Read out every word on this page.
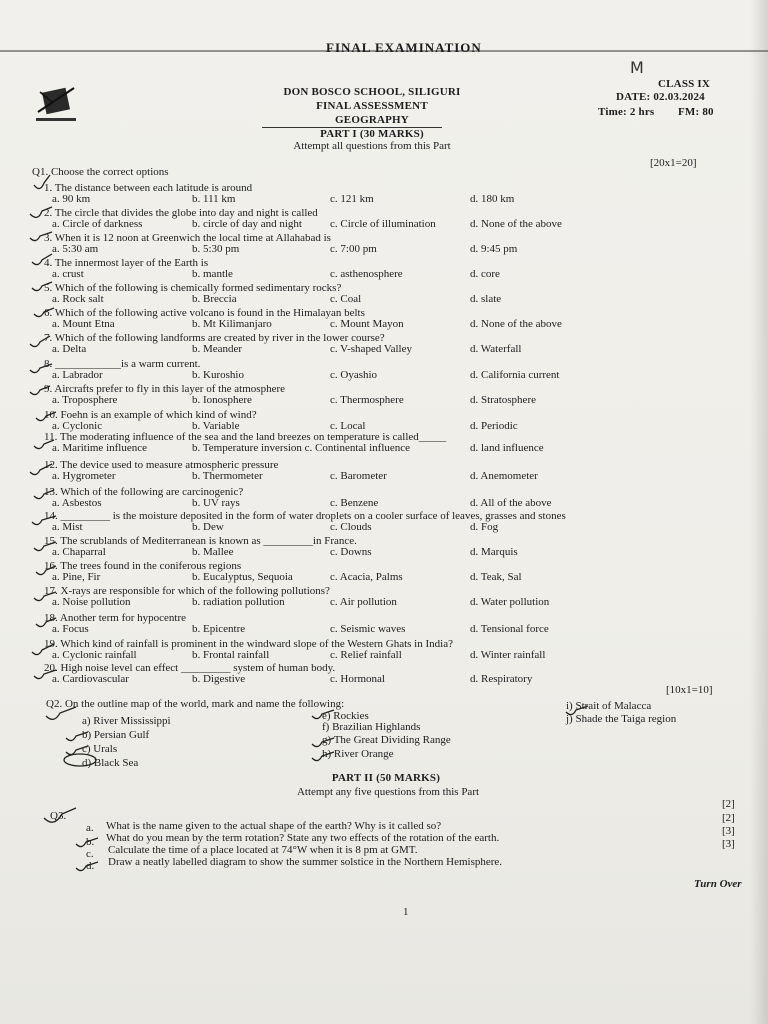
FINAL EXAMINATION
M
DON BOSCO SCHOOL, SILIGURI
FINAL ASSESSMENT
GEOGRAPHY
CLASS IX
DATE: 02.03.2024
Time: 2 hrs FM: 80
PART I (30 MARKS)
Attempt all questions from this Part
Q1. Choose the correct options
[20x1=20]
1. The distance between each latitude is around
a. 90 km	b. 111 km	c. 121 km	d. 180 km
2. The circle that divides the globe into day and night is called
a. Circle of darkness	b. circle of day and night	c. Circle of illumination	d. None of the above
3. When it is 12 noon at Greenwich the local time at Allahabad is
a. 5:30 am	b. 5:30 pm	c. 7:00 pm	d. 9:45 pm
4. The innermost layer of the Earth is
a. crust	b. mantle	c. asthenosphere	d. core
5. Which of the following is chemically formed sedimentary rocks?
a. Rock salt	b. Breccia	c. Coal	d. slate
6. Which of the following active volcano is found in the Himalayan belts
a. Mount Etna	b. Mt Kilimanjaro	c. Mount Mayon	d. None of the above
7. Which of the following landforms are created by river in the lower course?
a. Delta	b. Meander	c. V-shaped Valley	d. Waterfall
8. ____________is a warm current.
a. Labrador	b. Kuroshio	c. Oyashio	d. California current
9. Aircrafts prefer to fly in this layer of the atmosphere
a. Troposphere	b. Ionosphere	c. Thermosphere	d. Stratosphere
10. Foehn is an example of which kind of wind?
a. Cyclonic	b. Variable	c. Local	d. Periodic
11. The moderating influence of the sea and the land breezes on temperature is called_____
a. Maritime influence	b. Temperature inversion c. Continental influence	d. land influence
12. The device used to measure atmospheric pressure
a. Hygrometer	b. Thermometer	c. Barometer	d. Anemometer
13. Which of the following are carcinogenic?
a. Asbestos	b. UV rays	c. Benzene	d. All of the above
14. _________ is the moisture deposited in the form of water droplets on a cooler surface of leaves, grasses and stones
a. Mist	b. Dew	c. Clouds	d. Fog
15. The scrublands of Mediterranean is known as _________in France.
a. Chaparral	b. Mallee	c. Downs	d. Marquis
16. The trees found in the coniferous regions
a. Pine, Fir	b. Eucalyptus, Sequoia	c. Acacia, Palms	d. Teak, Sal
17. X-rays are responsible for which of the following pollutions?
a. Noise pollution	b. radiation pollution	c. Air pollution	d. Water pollution
18. Another term for hypocentre
a. Focus	b. Epicentre	c. Seismic waves	d. Tensional force
19. Which kind of rainfall is prominent in the windward slope of the Western Ghats in India?
a. Cyclonic rainfall	b. Frontal rainfall	c. Relief rainfall	d. Winter rainfall
20. High noise level can effect _________ system of human body.
a. Cardiovascular	b. Digestive	c. Hormonal	d. Respiratory
[10x1=10]
Q2. On the outline map of the world, mark and name the following:
a) River Mississippi
b) Persian Gulf
c) Urals
d) Black Sea
e) Rockies
f) Brazilian Highlands
g) The Great Dividing Range
h) River Orange
i) Strait of Malacca
j) Shade the Taiga region
PART II (50 MARKS)
Attempt any five questions from this Part
Q3.
a. What is the name given to the actual shape of the earth? Why is it called so?
[2]
b. What do you mean by the term rotation? State any two effects of the rotation of the earth.
[2]
c. Calculate the time of a place located at 74°W when it is 8 pm at GMT.
[3]
d. Draw a neatly labelled diagram to show the summer solstice in the Northern Hemisphere.
[3]
Turn Over
1
